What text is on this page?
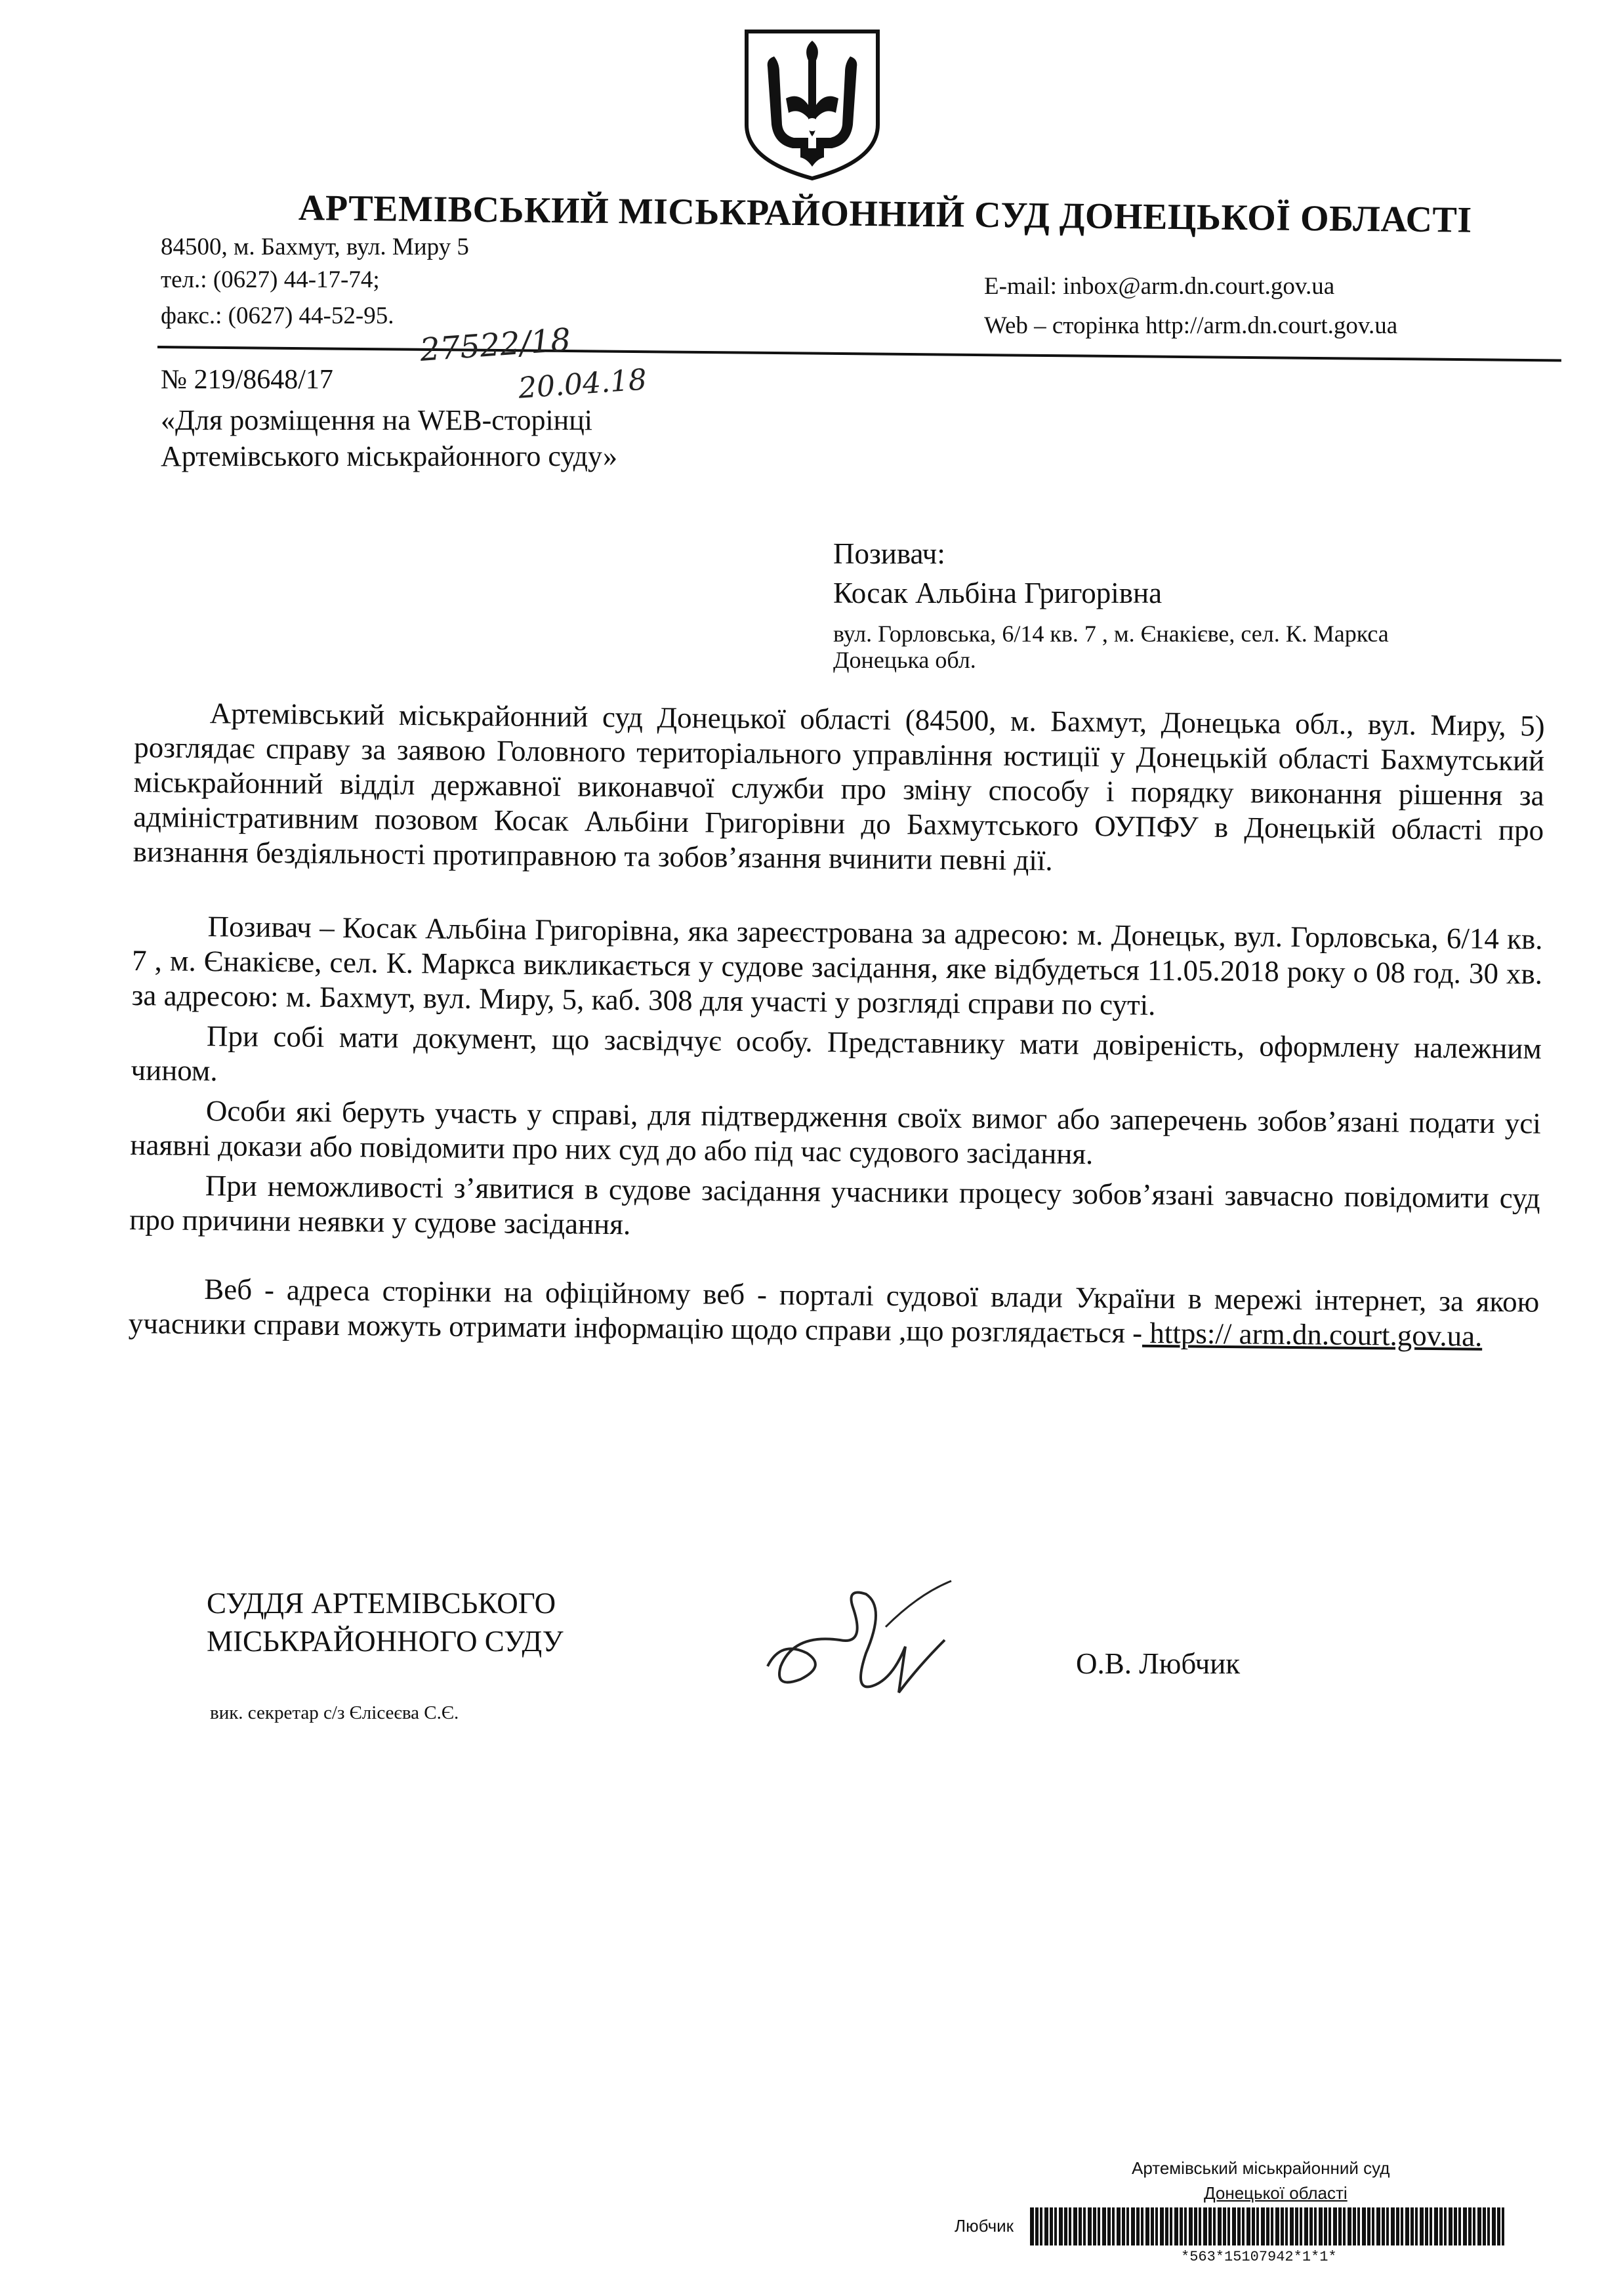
АРТЕМІВСЬКИЙ МІСЬКРАЙОННИЙ СУД ДОНЕЦЬКОЇ ОБЛАСТІ
84500, м. Бахмут, вул. Миру 5
тел.: (0627) 44-17-74;
факс.: (0627) 44-52-95.
E-mail: inbox@arm.dn.court.gov.ua
Web – сторінка http://arm.dn.court.gov.ua
№ 219/8648/17
27522/18
20.04.18
«Для розміщення на WEB-сторінці
Артемівського міськрайонного суду»
Позивач:
Косак Альбіна Григорівна
вул. Горловська, 6/14 кв. 7 , м. Єнакієве, сел. К. Маркса
Донецька обл.

Артемівський міськрайонний суд Донецької області (84500, м. Бахмут, Донецька обл., вул. Миру, 5) розглядає справу за заявою Головного територіального управління юстиції у Донецькій області Бахмутський міськрайонний відділ державної виконавчої служби про зміну способу і порядку виконання рішення за адміністративним позовом Косак Альбіни Григорівни до Бахмутського ОУПФУ в Донецькій області про визнання бездіяльності протиправною та зобов’язання вчинити певні дії.

Позивач – Косак Альбіна Григорівна, яка зареєстрована за адресою: м. Донецьк, вул. Горловська, 6/14 кв. 7 , м. Єнакієве, сел. К. Маркса викликається у судове засідання, яке відбудеться 11.05.2018 року о 08 год. 30 хв. за адресою: м. Бахмут, вул. Миру, 5, каб. 308 для участі у розгляді справи по суті.

При собі мати документ, що засвідчує особу. Представнику мати довіреність, оформлену належним чином.

Особи які беруть участь у справі, для підтвердження своїх вимог або заперечень зобов’язані подати усі наявні докази або повідомити про них суд до або під час судового засідання.

При неможливості з’явитися в судове засідання учасники процесу зобов’язані завчасно повідомити суд про причини неявки у судове засідання.

Веб - адреса сторінки на офіційному веб - порталі судової влади України в мережі інтернет, за якою учасники справи можуть отримати інформацію щодо справи ,що розглядається - https:// arm.dn.court.gov.ua.

СУДДЯ АРТЕМІВСЬКОГО
МІСЬКРАЙОННОГО СУДУ
О.В. Любчик
вик. секретар с/з Єлісеєва С.Є.
Артемівський міськрайонний суд
Донецької області
Любчик
*563*15107942*1*1*
